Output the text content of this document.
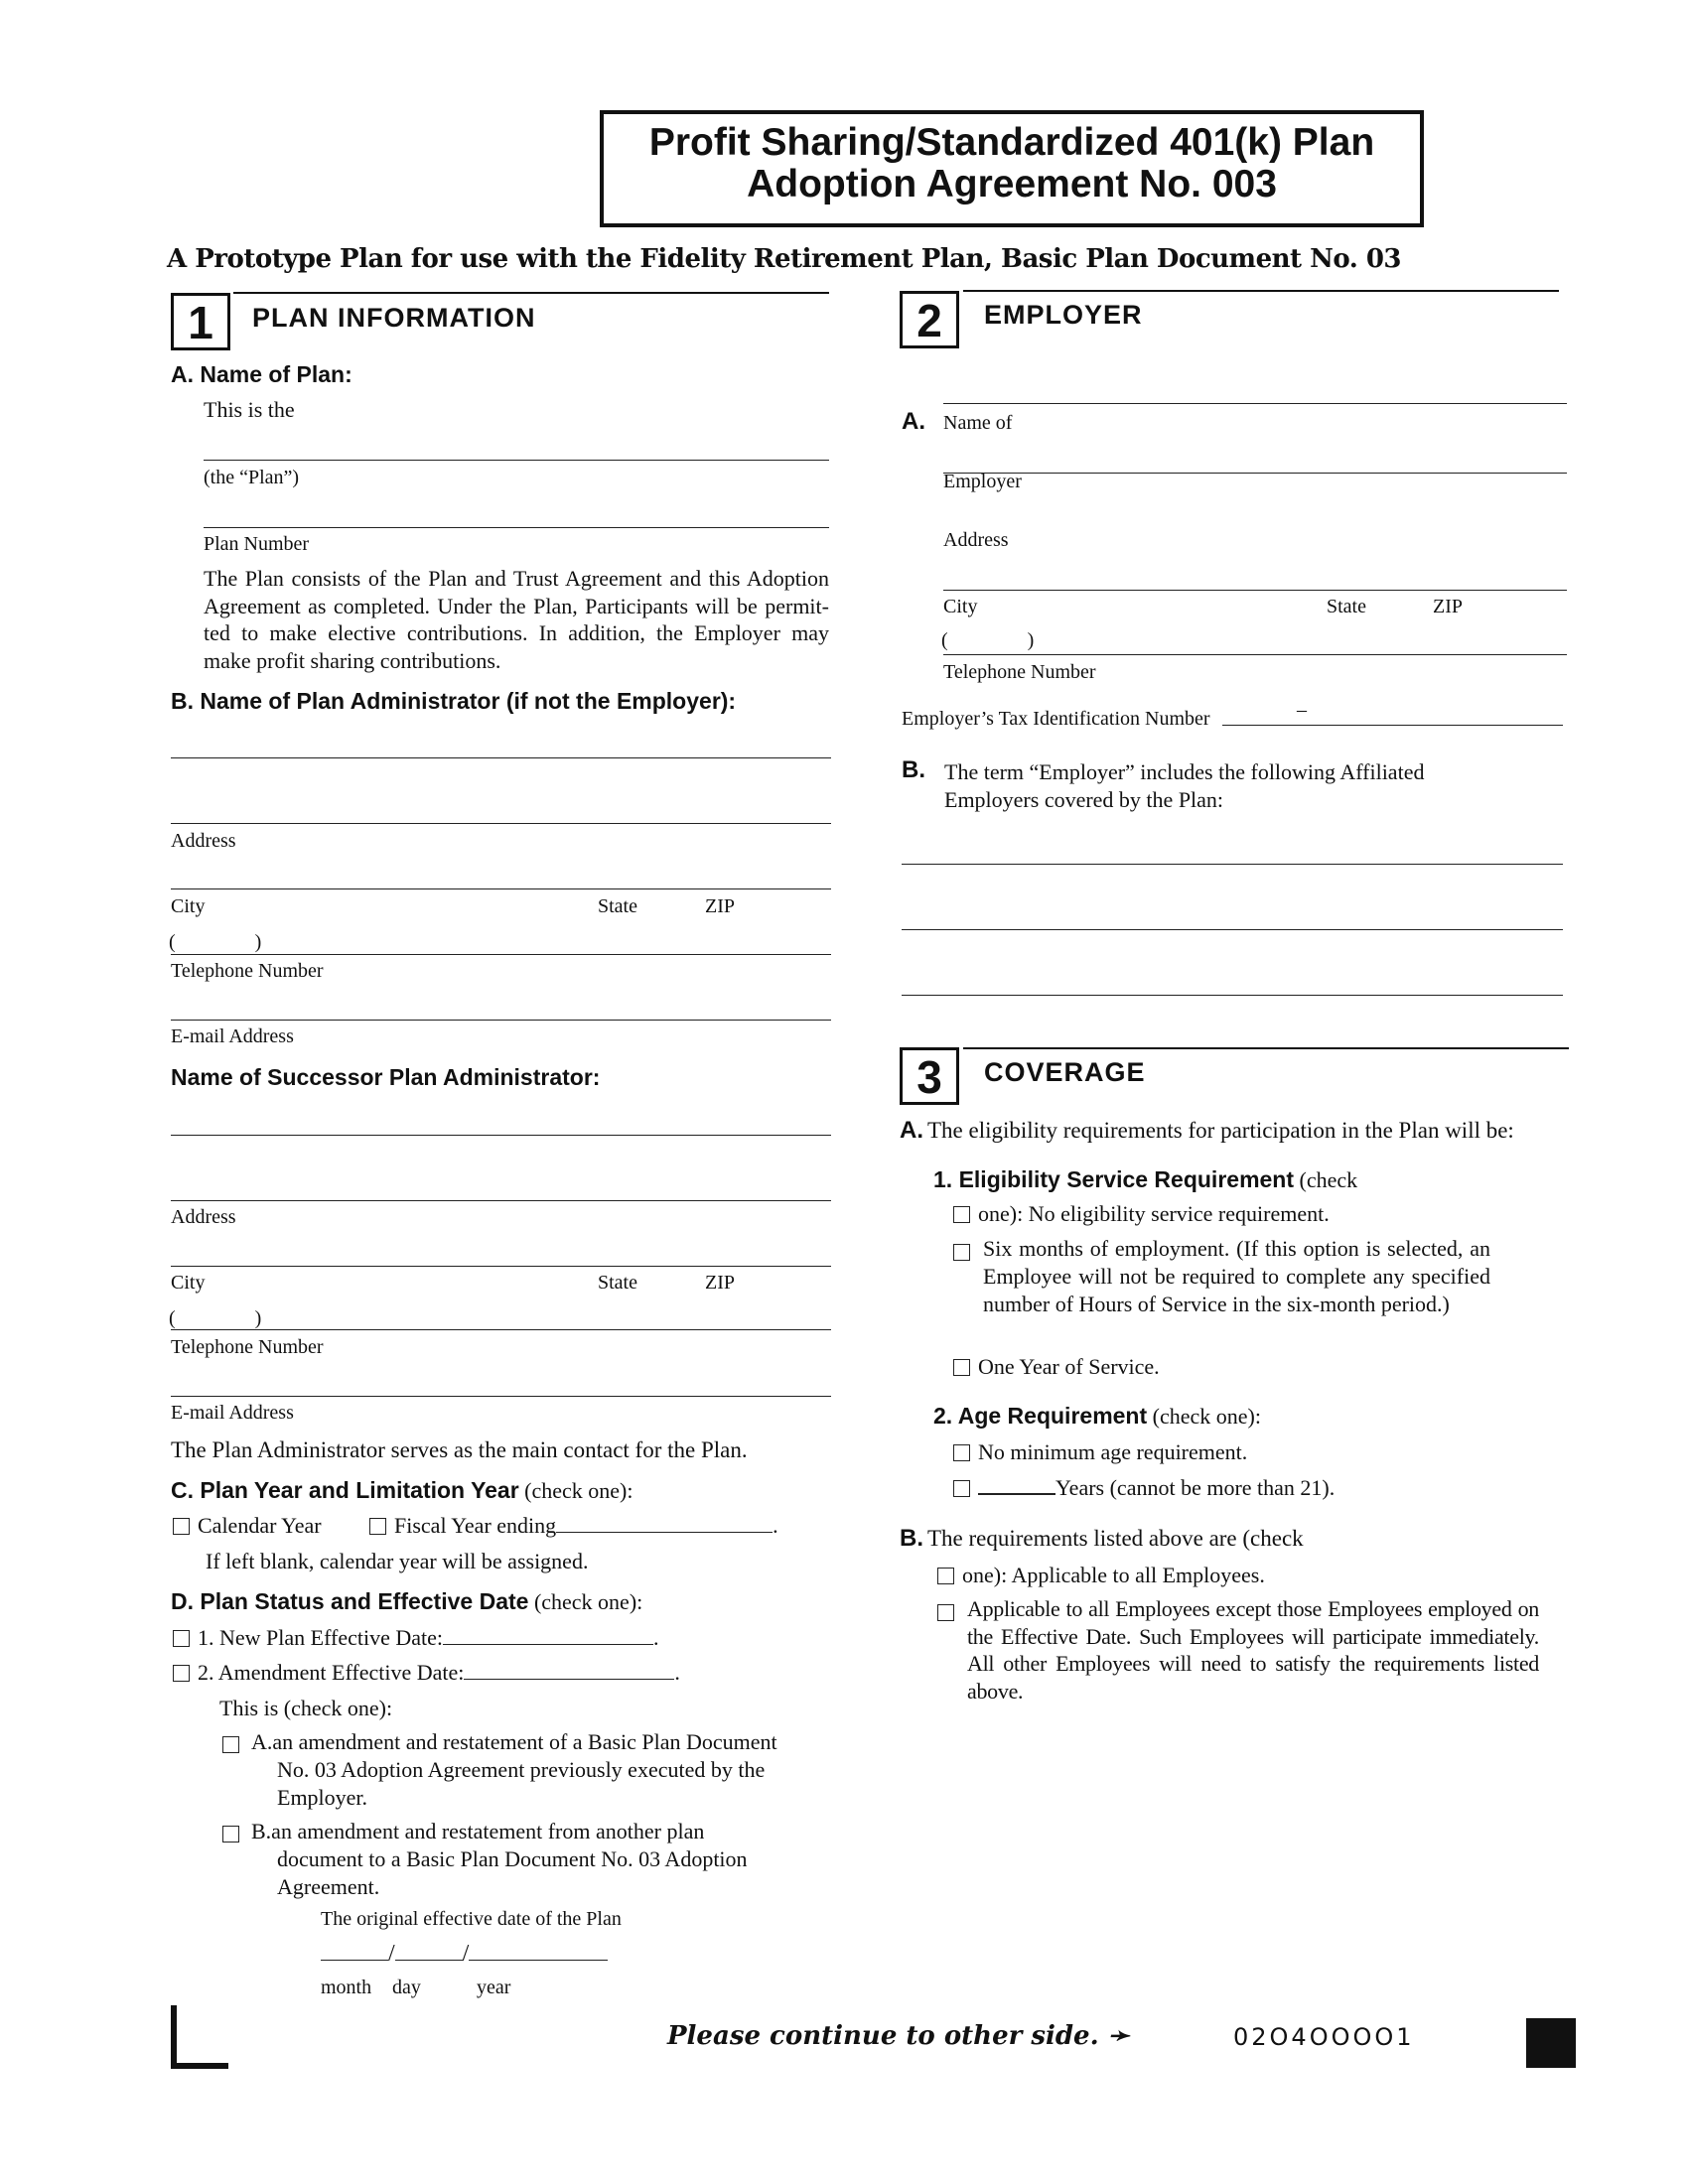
Profit Sharing/Standardized 401(k) Plan
Adoption Agreement No. 003
A Prototype Plan for use with the Fidelity Retirement Plan, Basic Plan Document No. 03
1	PLAN INFORMATION
A. Name of Plan:
This is the
(the “Plan”)
Plan Number
The Plan consists of the Plan and Trust Agreement and this Adoption Agreement as completed. Under the Plan, Participants will be permit- ted to make elective contributions. In addition, the Employer may make profit sharing contributions.
B. Name of Plan Administrator (if not the Employer):
Address
City	State	ZIP
(                )
Telephone Number
E-mail Address
Name of Successor Plan Administrator:
Address
City	State	ZIP
(                )
Telephone Number
E-mail Address
The Plan Administrator serves as the main contact for the Plan.
C. Plan Year and Limitation Year (check one):
Calendar Year	Fiscal Year ending	.
If left blank, calendar year will be assigned.
D. Plan Status and Effective Date (check one):
1. New Plan Effective Date:	.
2. Amendment Effective Date:	.
This is (check one):
A.an amendment and restatement of a Basic Plan Document No. 03 Adoption Agreement previously executed by the Employer.
B.an amendment and restatement from another plan document to a Basic Plan Document No. 03 Adoption Agreement.
The original effective date of the Plan
/	/
month day	year
2	EMPLOYER
A. Name of
Employer
Address
City	State	ZIP
(                )
Telephone Number
Employer’s Tax Identification Number	–
B. The term “Employer” includes the following Affiliated Employers covered by the Plan:
3	COVERAGE
A. The eligibility requirements for participation in the Plan will be:
1. Eligibility Service Requirement (check
one): No eligibility service requirement.
Six months of employment. (If this option is selected, an Employee will not be required to complete any specified number of Hours of Service in the six-month period.)
One Year of Service.
2. Age Requirement (check one):
No minimum age requirement.
Years (cannot be more than 21).
B. The requirements listed above are (check
one): Applicable to all Employees.
Applicable to all Employees except those Employees employed on the Effective Date. Such Employees will participate immediately. All other Employees will need to satisfy the requirements listed above.
Please continue to other side. ➛	02O4OOOO1
